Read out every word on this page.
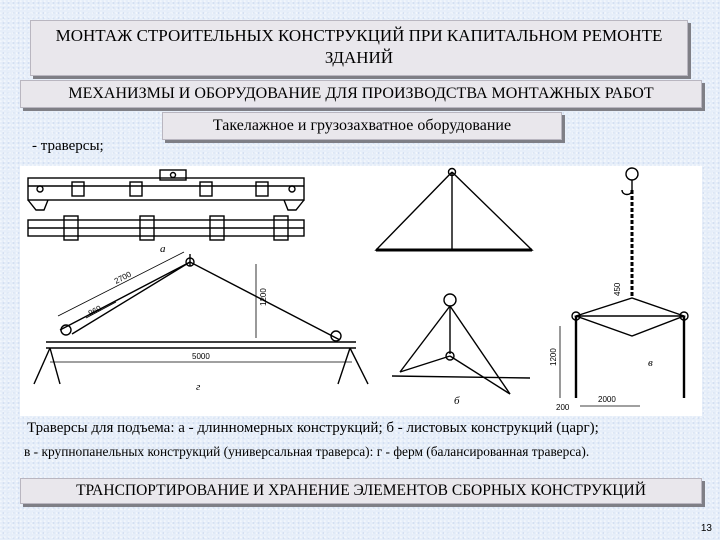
МОНТАЖ СТРОИТЕЛЬНЫХ КОНСТРУКЦИЙ ПРИ КАПИТАЛЬНОМ РЕМОНТЕ ЗДАНИЙ
МЕХАНИЗМЫ И ОБОРУДОВАНИЕ ДЛЯ ПРОИЗВОДСТВА МОНТАЖНЫХ РАБОТ
Такелажное и грузозахватное оборудование
- траверсы;
а
г
б
в
2700
960
1200
5000
450
1200
2000
200
Траверсы для подъема: а - длинномерных конструкций; б - листовых конструкций (царг);
в - крупнопанельных конструкций (универсальная траверса): г - ферм (балансированная траверса).
ТРАНСПОРТИРОВАНИЕ И ХРАНЕНИЕ ЭЛЕМЕНТОВ СБОРНЫХ КОНСТРУКЦИЙ
13
